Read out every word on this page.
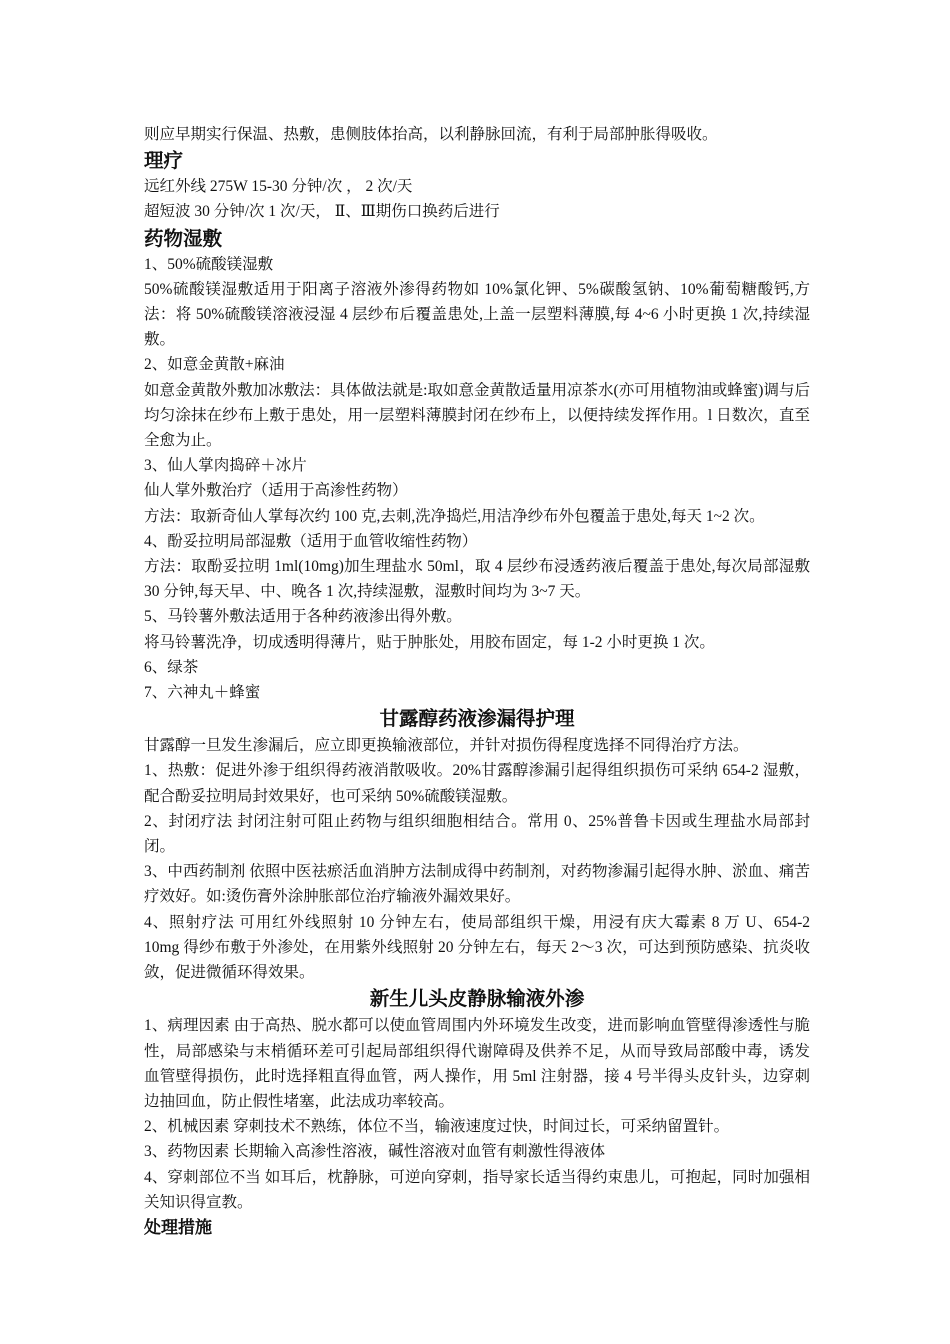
则应早期实行保温、热敷，患侧肢体抬高，以利静脉回流，有利于局部肿胀得吸收。

理疗

远红外线 275W 15-30 分钟/次 ， 2 次/天

超短波 30 分钟/次 1 次/天， Ⅱ、Ⅲ期伤口换药后进行

药物湿敷

1、50%硫酸镁湿敷

50%硫酸镁湿敷适用于阳离子溶液外渗得药物如 10%氯化钾、5%碳酸氢钠、10%葡萄糖酸钙,方法：将 50%硫酸镁溶液浸湿 4 层纱布后覆盖患处,上盖一层塑料薄膜,每 4~6 小时更换 1 次,持续湿敷。

2、如意金黄散+麻油

如意金黄散外敷加冰敷法：具体做法就是:取如意金黄散适量用凉茶水(亦可用植物油或蜂蜜)调与后均匀涂抹在纱布上敷于患处，用一层塑料薄膜封闭在纱布上，以便持续发挥作用。l 日数次，直至全愈为止。

3、仙人掌肉捣碎＋冰片

仙人掌外敷治疗（适用于高渗性药物）

方法：取新奇仙人掌每次约 100 克,去刺,洗净捣烂,用洁净纱布外包覆盖于患处,每天 1~2 次。

4、酚妥拉明局部湿敷（适用于血管收缩性药物）

方法：取酚妥拉明 1ml(10mg)加生理盐水 50ml，取 4 层纱布浸透药液后覆盖于患处,每次局部湿敷 30 分钟,每天早、中、晚各 1 次,持续湿敷，湿敷时间均为 3~7 天。

5、马铃薯外敷法适用于各种药液渗出得外敷。

将马铃薯洗净，切成透明得薄片，贴于肿胀处，用胶布固定，每 1-2 小时更换 1 次。

6、绿茶

7、六神丸＋蜂蜜

甘露醇药液渗漏得护理

甘露醇一旦发生渗漏后，应立即更换输液部位，并针对损伤得程度选择不同得治疗方法。

1、热敷：促进外渗于组织得药液消散吸收。20%甘露醇渗漏引起得组织损伤可采纳 654-2 湿敷，配合酚妥拉明局封效果好，也可采纳 50%硫酸镁湿敷。

2、封闭疗法 封闭注射可阻止药物与组织细胞相结合。常用 0、25%普鲁卡因或生理盐水局部封闭。

3、中西药制剂 依照中医祛瘀活血消肿方法制成得中药制剂，对药物渗漏引起得水肿、淤血、痛苦疗效好。如:烫伤膏外涂肿胀部位治疗输液外漏效果好。

4、照射疗法 可用红外线照射 10 分钟左右，使局部组织干燥，用浸有庆大霉素 8 万 U、654-2 10mg 得纱布敷于外渗处，在用紫外线照射 20 分钟左右，每天 2～3 次，可达到预防感染、抗炎收敛，促进微循环得效果。

新生儿头皮静脉输液外渗

1、病理因素 由于高热、脱水都可以使血管周围内外环境发生改变，进而影响血管壁得渗透性与脆性，局部感染与末梢循环差可引起局部组织得代谢障碍及供养不足，从而导致局部酸中毒，诱发血管壁得损伤，此时选择粗直得血管，两人操作，用 5ml 注射器，接 4 号半得头皮针头，边穿刺边抽回血，防止假性堵塞，此法成功率较高。

2、机械因素 穿刺技术不熟练，体位不当，输液速度过快，时间过长，可采纳留置针。

3、药物因素 长期输入高渗性溶液，碱性溶液对血管有刺激性得液体

4、穿刺部位不当 如耳后，枕静脉，可逆向穿刺，指导家长适当得约束患儿，可抱起，同时加强相关知识得宣教。

处理措施
